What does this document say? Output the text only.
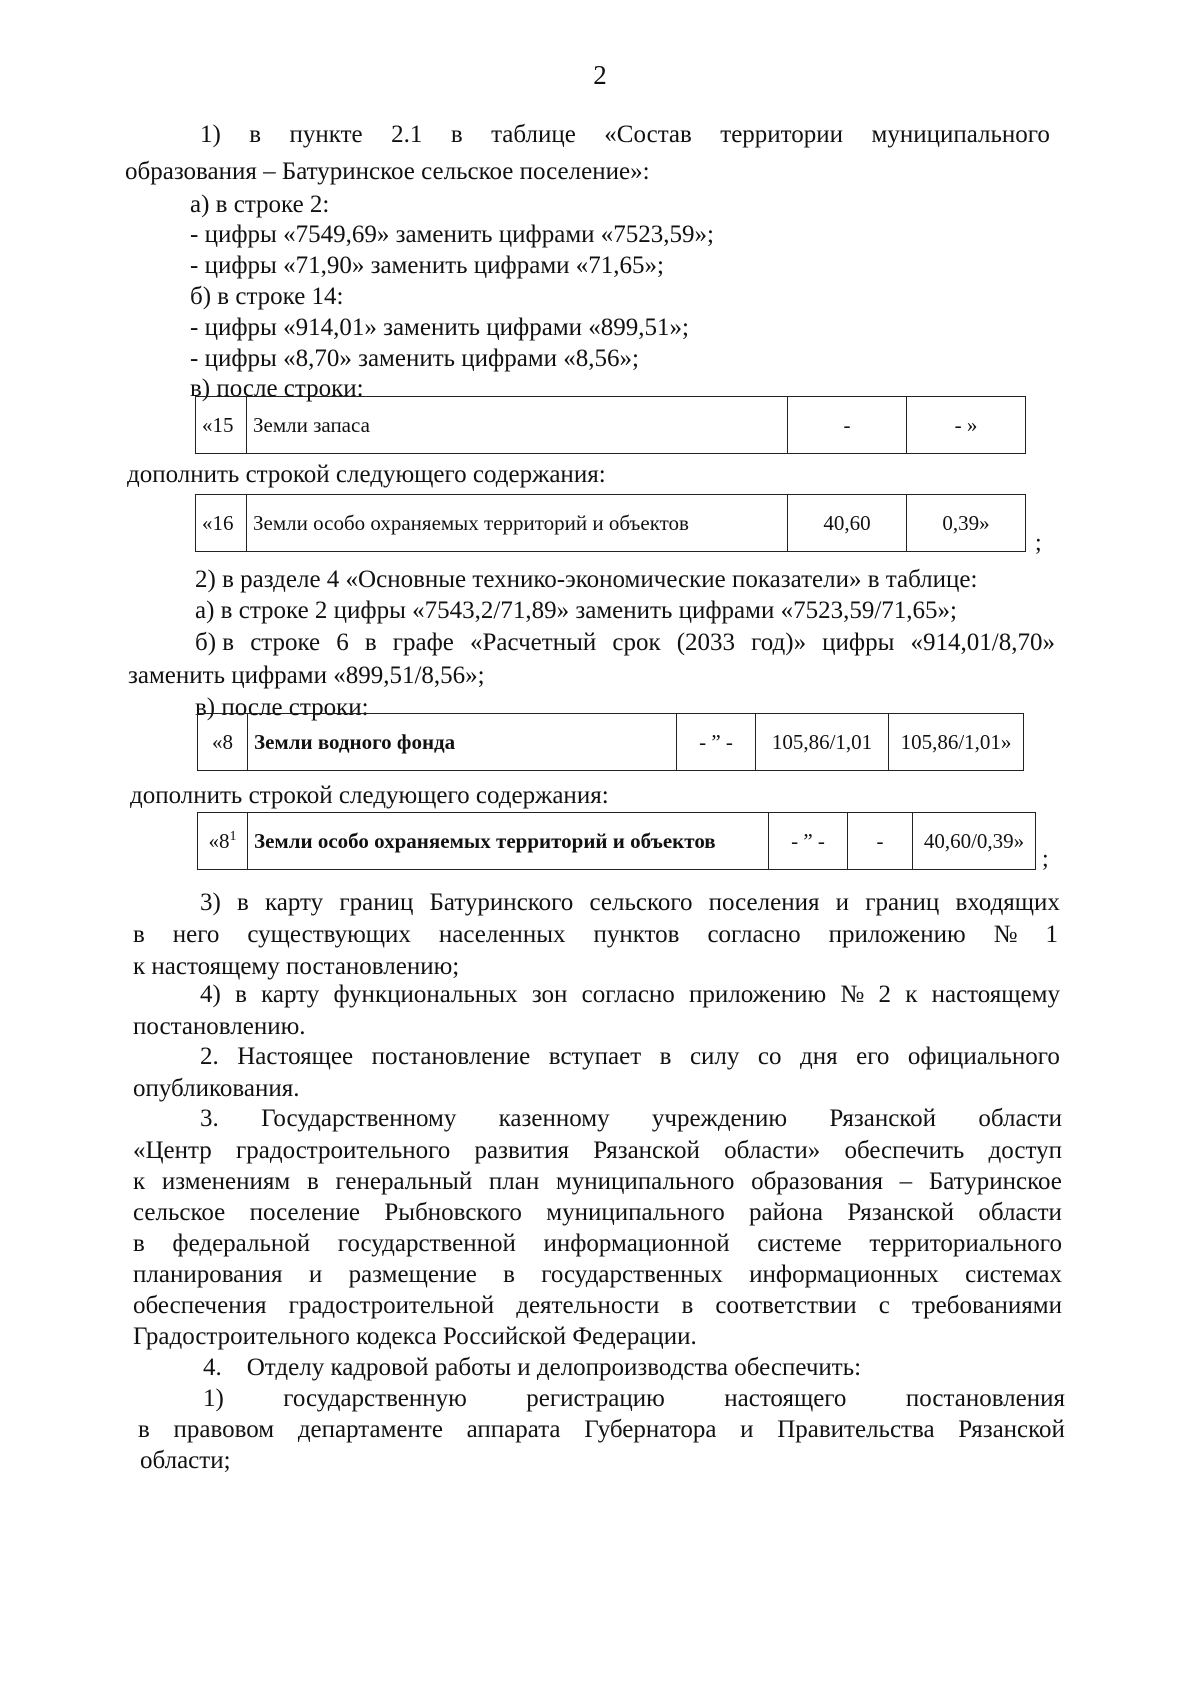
2
1) в пункте 2.1 в таблице «Состав территории муниципального
образования – Батуринское сельское поселение»:
а) в строке 2:
- цифры «7549,69» заменить цифрами «7523,59»;
- цифры «71,90» заменить цифрами «71,65»;
б) в строке 14:
- цифры «914,01» заменить цифрами «899,51»;
- цифры «8,70» заменить цифрами «8,56»;
в) после строки:
«15	Земли запаса	-	- »
дополнить строкой следующего содержания:
«16	Земли особо охраняемых территорий и объектов	40,60	0,39»
;
2) в разделе 4 «Основные технико-экономические показатели» в таблице:
а) в строке 2 цифры «7543,2/71,89» заменить цифрами «7523,59/71,65»;
б) в строке 6 в графе «Расчетный срок (2033 год)» цифры «914,01/8,70»
заменить цифрами «899,51/8,56»;
в) после строки:
«8	Земли водного фонда	- ” -	105,86/1,01	105,86/1,01»
дополнить строкой следующего содержания:
«$8^1$	Земли особо охраняемых территорий и объектов	- ” -	-	40,60/0,39»
;
3) в карту границ Батуринского сельского поселения и границ входящих
в него существующих населенных пунктов согласно приложению № 1
к настоящему постановлению;
4) в карту функциональных зон согласно приложению № 2 к настоящему
постановлению.
2. Настоящее постановление вступает в силу со дня его официального
опубликования.
3. Государственному казенному учреждению Рязанской области
«Центр градостроительного развития Рязанской области» обеспечить доступ
к изменениям в генеральный план муниципального образования – Батуринское
сельское поселение Рыбновского муниципального района Рязанской области
в федеральной государственной информационной системе территориального
планирования и размещение в государственных информационных системах
обеспечения градостроительной деятельности в соответствии с требованиями
Градостроительного кодекса Российской Федерации.
4.    Отделу кадровой работы и делопроизводства обеспечить:
1) государственную регистрацию настоящего постановления
в правовом департаменте аппарата Губернатора и Правительства Рязанской
области;
